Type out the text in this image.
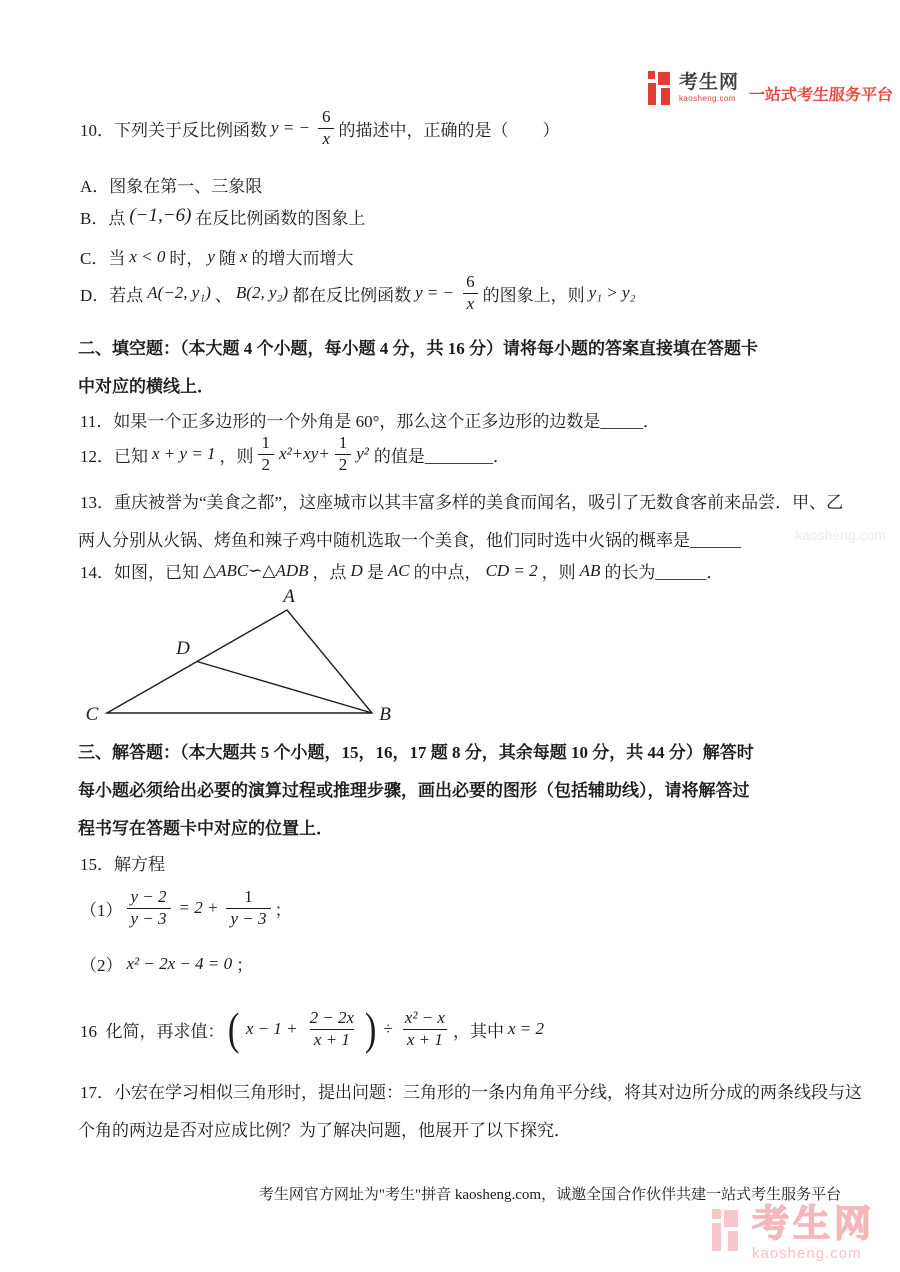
考生网
kaosheng.com 一站式考生服务平台
10．下列关于反比例函数 y = − $\frac{6}{x}$ 的描述中，正确的是（　　）
A．图象在第一、三象限
B．点 (−1,−6) 在反比例函数的图象上
C．当 x < 0 时， y 随 x 的增大而增大
D．若点 A(−2, y₁) 、 B(2, y₂) 都在反比例函数 y = − $\frac{6}{x}$ 的图象上，则 y₁ > y₂
二、填空题：（本大题 4 个小题，每小题 4 分，共 16 分）请将每小题的答案直接填在答题卡
中对应的横线上．
11．如果一个正多边形的一个外角是 60°，那么这个正多边形的边数是_____．
12．已知 x + y = 1 ，则 $\frac{1}{2} x^2+xy+ \frac{1}{2} y^2$ 的值是________．
13．重庆被誉为“美食之都”，这座城市以其丰富多样的美食而闻名，吸引了无数食客前来品尝．甲、乙
两人分别从火锅、烤鱼和辣子鸡中随机选取一个美食，他们同时选中火锅的概率是______
14．如图，已知 △ABC∽△ADB ，点 D 是 AC 的中点， CD = 2 ，则 AB 的长为______．
A
B
C
D
三、解答题：（本大题共 5 个小题，15，16，17 题 8 分，其余每题 10 分，共 44 分）解答时
每小题必须给出必要的演算过程或推理步骤，画出必要的图形（包括辅助线），请将解答过
程书写在答题卡中对应的位置上．
15．解方程
$(1) \frac{y - 2}{y - 3} = 2 + \frac{1}{y - 3}$ ；
（2） x² − 2x − 4 = 0 ；
16  化简，再求值： ( $x - 1 + \frac{2 - 2x}{x + 1}$ ) ÷ $\frac{\text{x² − x}}{x + 1}$ ，其中 x = 2
17．小宏在学习相似三角形时，提出问题：三角形的一条内角角平分线，将其对边所分成的两条线段与这
个角的两边是否对应成比例？为了解决问题，他展开了以下探究．
kaosheng.com
考生网官方网址为"考生"拼音 kaosheng.com，诚邀全国合作伙伴共建一站式考生服务平台
考生网
kaosheng.com
